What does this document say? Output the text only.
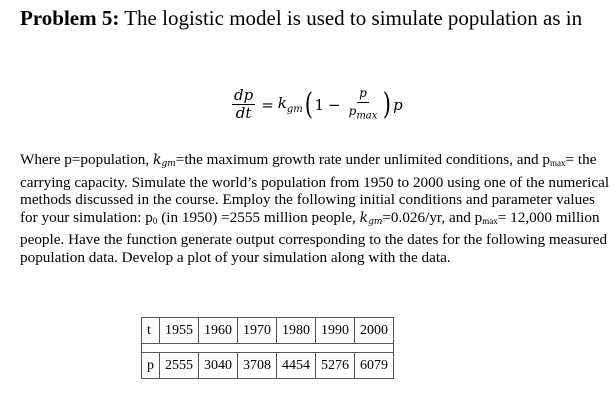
Problem 5: The logistic model is used to simulate population as in
$\frac{dp}{dt} = k_{gm}$ ( $1 - \frac{p}{p_{max}}$ ) p
Where p=population, $k_{gm}=the$ maximum growth rate under unlimited conditions, and $p_{max}=$ the carrying capacity. Simulate the world’s population from 1950 to 2000 using one of the numerical methods discussed in the course. Employ the following initial conditions and parameter values for your simulation: $p_0$ (in 1950) =2555 million people, $k_{gm}=0.026/yr$, and $p_{max}= 12,000$ million people. Have the function generate output corresponding to the dates for the following measured population data. Develop a plot of your simulation along with the data.
t	1955	1960	1970	1980	1990	2000

p	2555	3040	3708	4454	5276	6079
